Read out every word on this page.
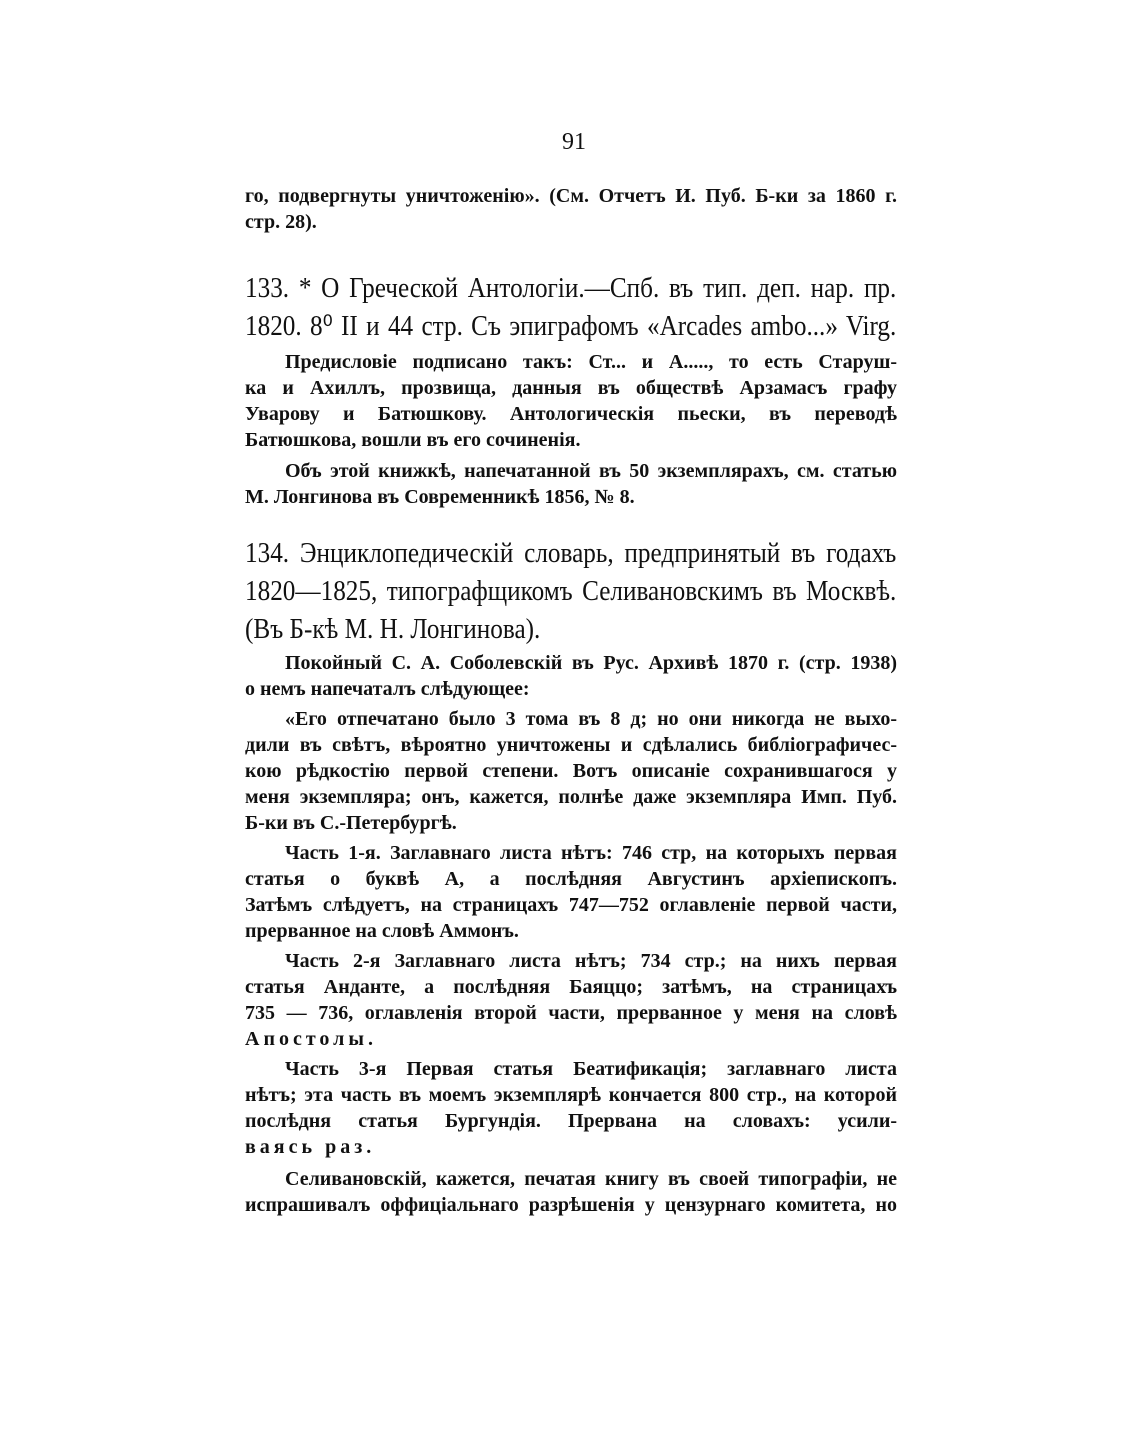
91
го, подвергнуты уничтоженію». (См. Отчетъ И. Пуб. Б-ки за 1860 г.
стр. 28).
133. * О Греческой Антологіи.—Спб. въ тип. деп. нар. пр.
1820. 8⁰ II и 44 стр. Съ эпиграфомъ «Arcades ambo...» Virg.
Предисловіе подписано такъ: Ст... и А....., то есть Старуш-
ка и Ахиллъ, прозвища, данныя въ обществѣ Арзамасъ графу
Уварову и Батюшкову. Антологическія пьески, въ переводѣ
Батюшкова, вошли въ его сочиненія.
Объ этой книжкѣ, напечатанной въ 50 экземплярахъ, см. статью
М. Лонгинова въ Современникѣ 1856, № 8.
134. Энциклопедическій словарь, предпринятый въ годахъ
1820—1825, типографщикомъ Селивановскимъ въ Москвѣ.
(Въ Б-кѣ М. Н. Лонгинова).
Покойный С. А. Соболевскій въ Рус. Архивѣ 1870 г. (стр. 1938)
о немъ напечаталъ слѣдующее:
«Его отпечатано было 3 тома въ 8 д; но они никогда не выхо-
дили въ свѣтъ, вѣроятно уничтожены и сдѣлались библіографичес-
кою рѣдкостію первой степени. Вотъ описаніе сохранившагося у
меня экземпляра; онъ, кажется, полнѣе даже экземпляра Имп. Пуб.
Б-ки въ С.-Петербургѣ.
Часть 1-я. Заглавнаго листа нѣтъ: 746 стр, на которыхъ первая
статья о буквѣ А, а послѣдняя Августинъ архіепископъ.
Затѣмъ слѣдуетъ, на страницахъ 747—752 оглавленіе первой части,
прерванное на словѣ Аммонъ.
Часть 2-я Заглавнаго листа нѣтъ; 734 стр.; на нихъ первая
статья Анданте, а послѣдняя Баяццо; затѣмъ, на страницахъ
735 — 736, оглавленія второй части, прерванное у меня на словѣ
Апостолы.
Часть 3-я Первая статья Беатификація; заглавнаго листа
нѣтъ; эта часть въ моемъ экземплярѣ кончается 800 стр., на которой
послѣдня статья Бургундія. Прервана на словахъ: усили-
ваясь раз.
Селивановскій, кажется, печатая книгу въ своей типографіи, не
испрашивалъ оффиціальнаго разрѣшенія у цензурнаго комитета, но
